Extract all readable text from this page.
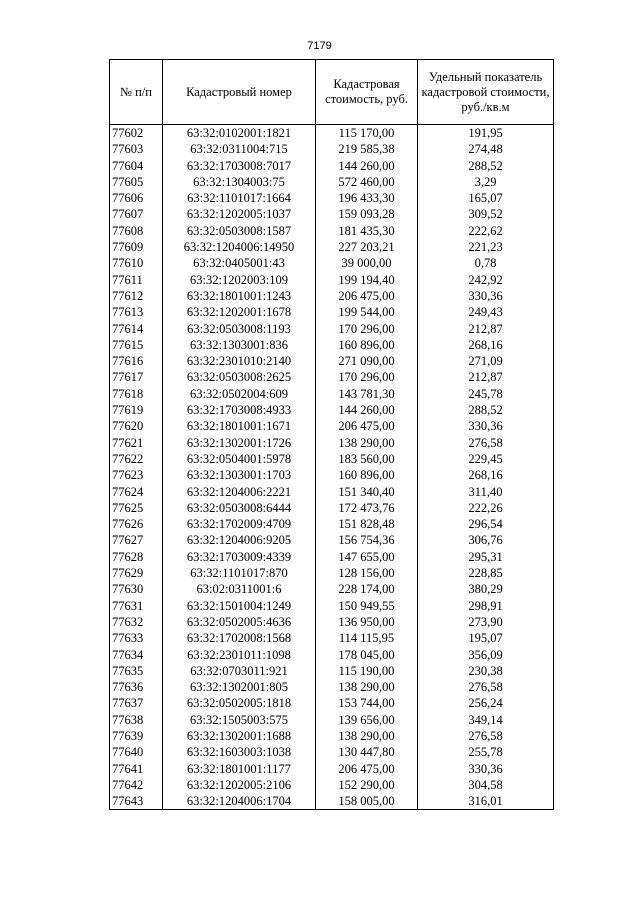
7179
№ п/п	Кадастровый номер	Кадастровая стоимость, руб.	Удельный показатель кадастровой стоимости, руб./кв.м
77602	63:32:0102001:1821	115 170,00	191,95
77603	63:32:0311004:715	219 585,38	274,48
77604	63:32:1703008:7017	144 260,00	288,52
77605	63:32:1304003:75	572 460,00	3,29
77606	63:32:1101017:1664	196 433,30	165,07
77607	63:32:1202005:1037	159 093,28	309,52
77608	63:32:0503008:1587	181 435,30	222,62
77609	63:32:1204006:14950	227 203,21	221,23
77610	63:32:0405001:43	39 000,00	0,78
77611	63:32:1202003:109	199 194,40	242,92
77612	63:32:1801001:1243	206 475,00	330,36
77613	63:32:1202001:1678	199 544,00	249,43
77614	63:32:0503008:1193	170 296,00	212,87
77615	63:32:1303001:836	160 896,00	268,16
77616	63:32:2301010:2140	271 090,00	271,09
77617	63:32:0503008:2625	170 296,00	212,87
77618	63:32:0502004:609	143 781,30	245,78
77619	63:32:1703008:4933	144 260,00	288,52
77620	63:32:1801001:1671	206 475,00	330,36
77621	63:32:1302001:1726	138 290,00	276,58
77622	63:32:0504001:5978	183 560,00	229,45
77623	63:32:1303001:1703	160 896,00	268,16
77624	63:32:1204006:2221	151 340,40	311,40
77625	63:32:0503008:6444	172 473,76	222,26
77626	63:32:1702009:4709	151 828,48	296,54
77627	63:32:1204006:9205	156 754,36	306,76
77628	63:32:1703009:4339	147 655,00	295,31
77629	63:32:1101017:870	128 156,00	228,85
77630	63:02:0311001:6	228 174,00	380,29
77631	63:32:1501004:1249	150 949,55	298,91
77632	63:32:0502005:4636	136 950,00	273,90
77633	63:32:1702008:1568	114 115,95	195,07
77634	63:32:2301011:1098	178 045,00	356,09
77635	63:32:0703011:921	115 190,00	230,38
77636	63:32:1302001:805	138 290,00	276,58
77637	63:32:0502005:1818	153 744,00	256,24
77638	63:32:1505003:575	139 656,00	349,14
77639	63:32:1302001:1688	138 290,00	276,58
77640	63:32:1603003:1038	130 447,80	255,78
77641	63:32:1801001:1177	206 475,00	330,36
77642	63:32:1202005:2106	152 290,00	304,58
77643	63:32:1204006:1704	158 005,00	316,01
